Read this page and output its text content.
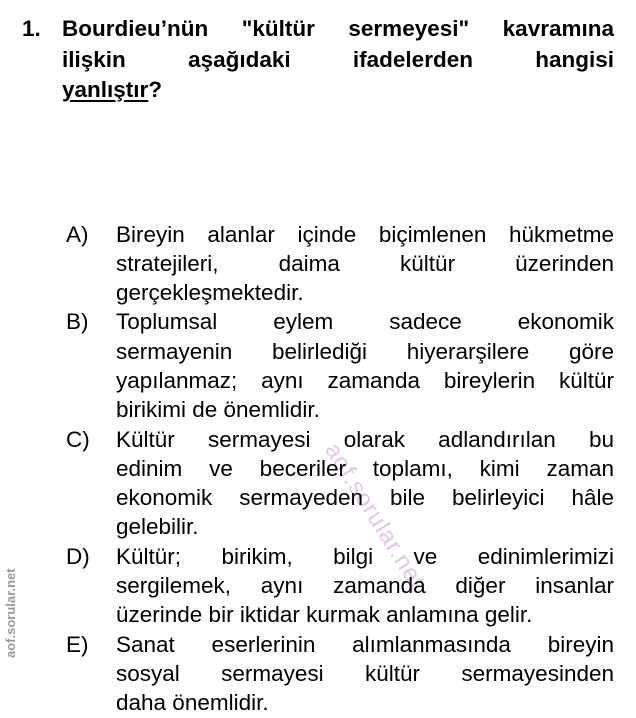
aof.sorular.net
aof.sorular.net
1. Bourdieu’nün "kültür sermeyesi" kavramına
ilişkin aşağıdaki ifadelerden hangisi
yanlıştır?
A) Bireyin alanlar içinde biçimlenen hükmetme
stratejileri, daima kültür üzerinden
gerçekleşmektedir.
B) Toplumsal eylem sadece ekonomik
sermayenin belirlediği hiyerarşilere göre
yapılanmaz; aynı zamanda bireylerin kültür
birikimi de önemlidir.
C) Kültür sermayesi olarak adlandırılan bu
edinim ve beceriler toplamı, kimi zaman
ekonomik sermayeden bile belirleyici hâle
gelebilir.
D) Kültür; birikim, bilgi ve edinimlerimizi
sergilemek, aynı zamanda diğer insanlar
üzerinde bir iktidar kurmak anlamına gelir.
E) Sanat eserlerinin alımlanmasında bireyin
sosyal sermayesi kültür sermayesinden
daha önemlidir.
